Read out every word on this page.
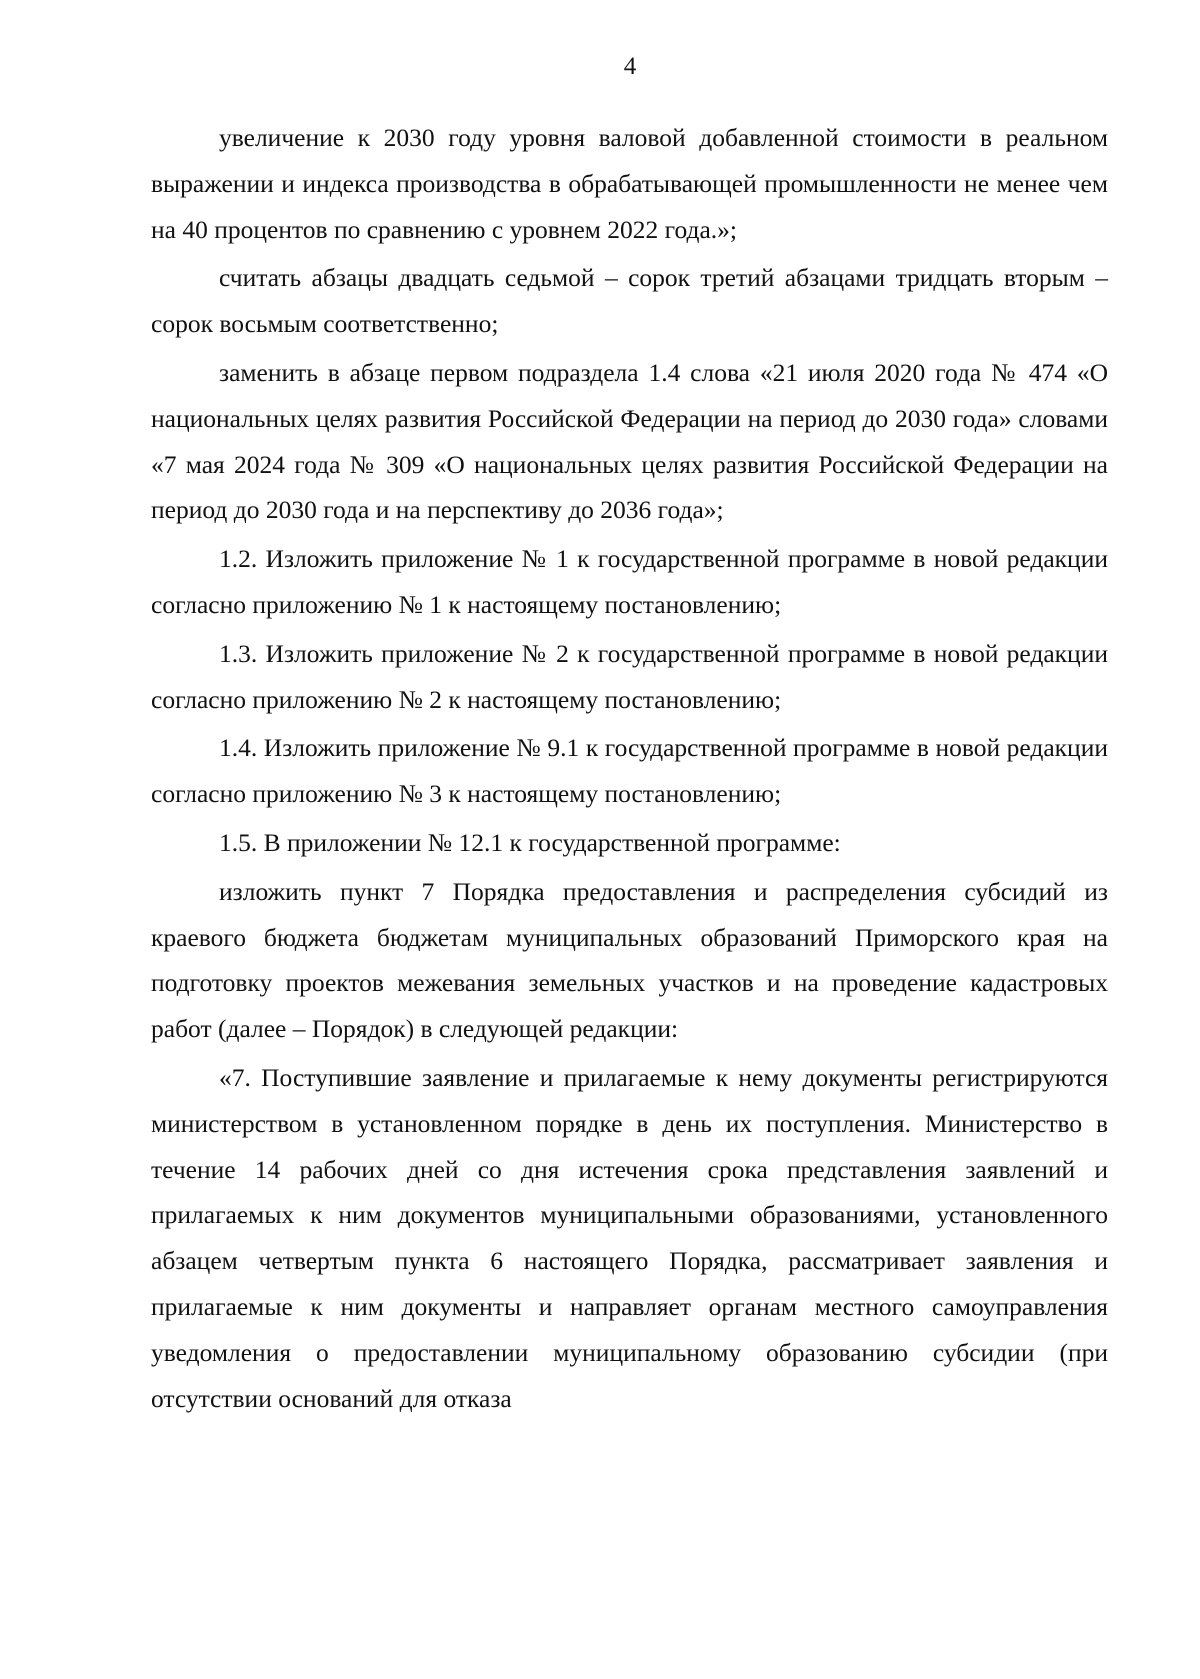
4

увеличение к 2030 году уровня валовой добавленной стоимости в реальном выражении и индекса производства в обрабатывающей промышленности не менее чем на 40 процентов по сравнению с уровнем 2022 года.»;

считать абзацы двадцать седьмой – сорок третий абзацами тридцать вторым – сорок восьмым соответственно;

заменить в абзаце первом подраздела 1.4 слова «21 июля 2020 года № 474 «О национальных целях развития Российской Федерации на период до 2030 года» словами «7 мая 2024 года № 309 «О национальных целях развития Российской Федерации на период до 2030 года и на перспективу до 2036 года»;

1.2. Изложить приложение № 1 к государственной программе в новой редакции согласно приложению № 1 к настоящему постановлению;

1.3. Изложить приложение № 2 к государственной программе в новой редакции согласно приложению № 2 к настоящему постановлению;

1.4. Изложить приложение № 9.1 к государственной программе в новой редакции согласно приложению № 3 к настоящему постановлению;

1.5. В приложении № 12.1 к государственной программе:

изложить пункт 7 Порядка предоставления и распределения субсидий из краевого бюджета бюджетам муниципальных образований Приморского края на подготовку проектов межевания земельных участков и на проведение кадастровых работ (далее – Порядок) в следующей редакции:

«7. Поступившие заявление и прилагаемые к нему документы регистрируются министерством в установленном порядке в день их поступления. Министерство в течение 14 рабочих дней со дня истечения срока представления заявлений и прилагаемых к ним документов муниципальными образованиями, установленного абзацем четвертым пункта 6 настоящего Порядка, рассматривает заявления и прилагаемые к ним документы и направляет органам местного самоуправления уведомления о предоставлении муниципальному образованию субсидии (при отсутствии оснований для отказа
